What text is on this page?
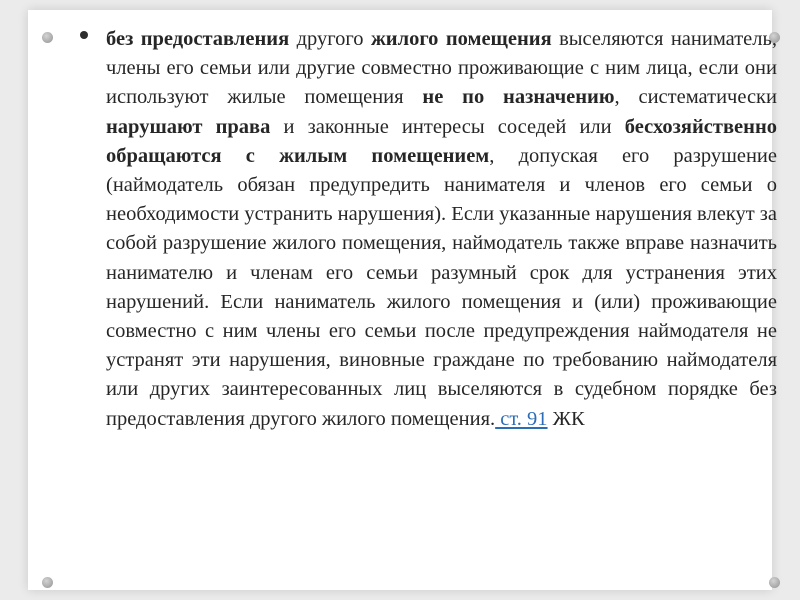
без предоставления другого жилого помещения выселяются наниматель, члены его семьи или другие совместно проживающие с ним лица, если они используют жилые помещения не по назначению, систематически нарушают права и законные интересы соседей или бесхозяйственно обращаются с жилым помещением, допуская его разрушение (наймодатель обязан предупредить нанимателя и членов его семьи о необходимости устранить нарушения). Если указанные нарушения влекут за собой разрушение жилого помещения, наймодатель также вправе назначить нанимателю и членам его семьи разумный срок для устранения этих нарушений. Если наниматель жилого помещения и (или) проживающие совместно с ним члены его семьи после предупреждения наймодателя не устранят эти нарушения, виновные граждане по требованию наймодателя или других заинтересованных лиц выселяются в судебном порядке без предоставления другого жилого помещения. ст. 91 ЖК
